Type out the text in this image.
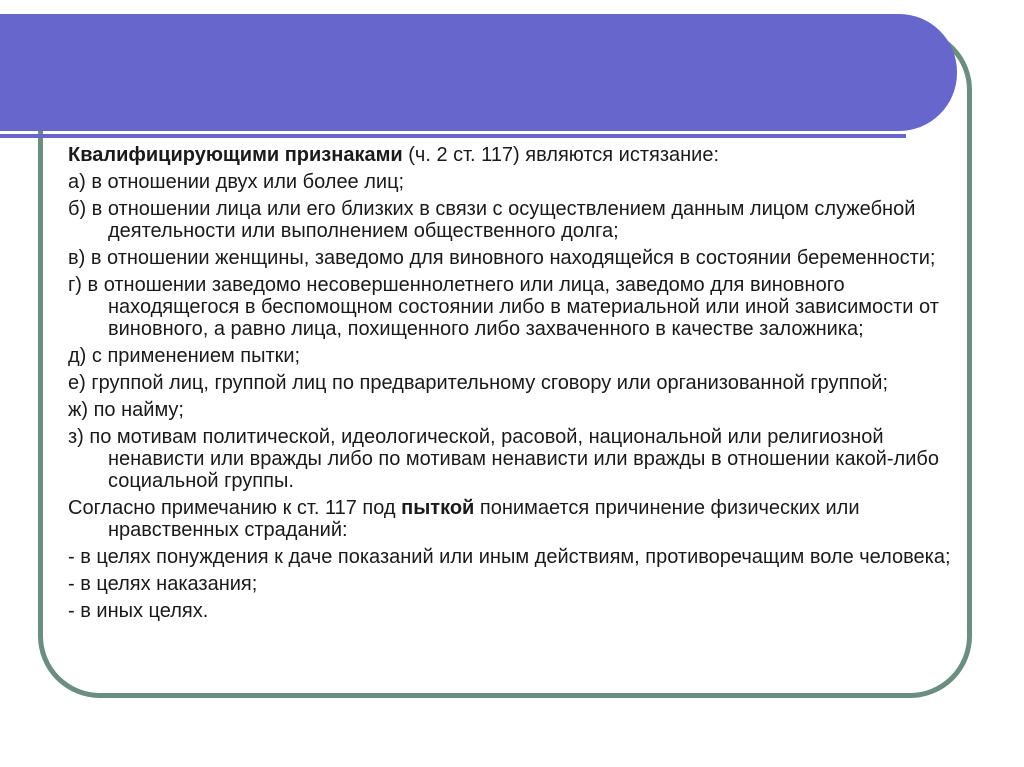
Квалифицирующими признаками (ч. 2 ст. 117) являются истязание:

а) в отношении двух или более лиц;

б) в отношении лица или его близких в связи с осуществлением данным лицом служебной деятельности или выполнением общественного долга;

в) в отношении женщины, заведомо для виновного находящейся в состоянии беременности;

г) в отношении заведомо несовершеннолетнего или лица, заведомо для виновного находящегося в беспомощном состоянии либо в материальной или иной зависимости от виновного, а равно лица, похищенного либо захваченного в качестве заложника;

д) с применением пытки;

е) группой лиц, группой лиц по предварительному сговору или организованной группой;

ж) по найму;

з) по мотивам политической, идеологической, расовой, национальной или религиозной ненависти или вражды либо по мотивам ненависти или вражды в отношении какой-либо социальной группы.

Согласно примечанию к ст. 117 под пыткой понимается причинение физических или нравственных страданий:

- в целях понуждения к даче показаний или иным действиям, противоречащим воле человека;

- в целях наказания;

- в иных целях.
